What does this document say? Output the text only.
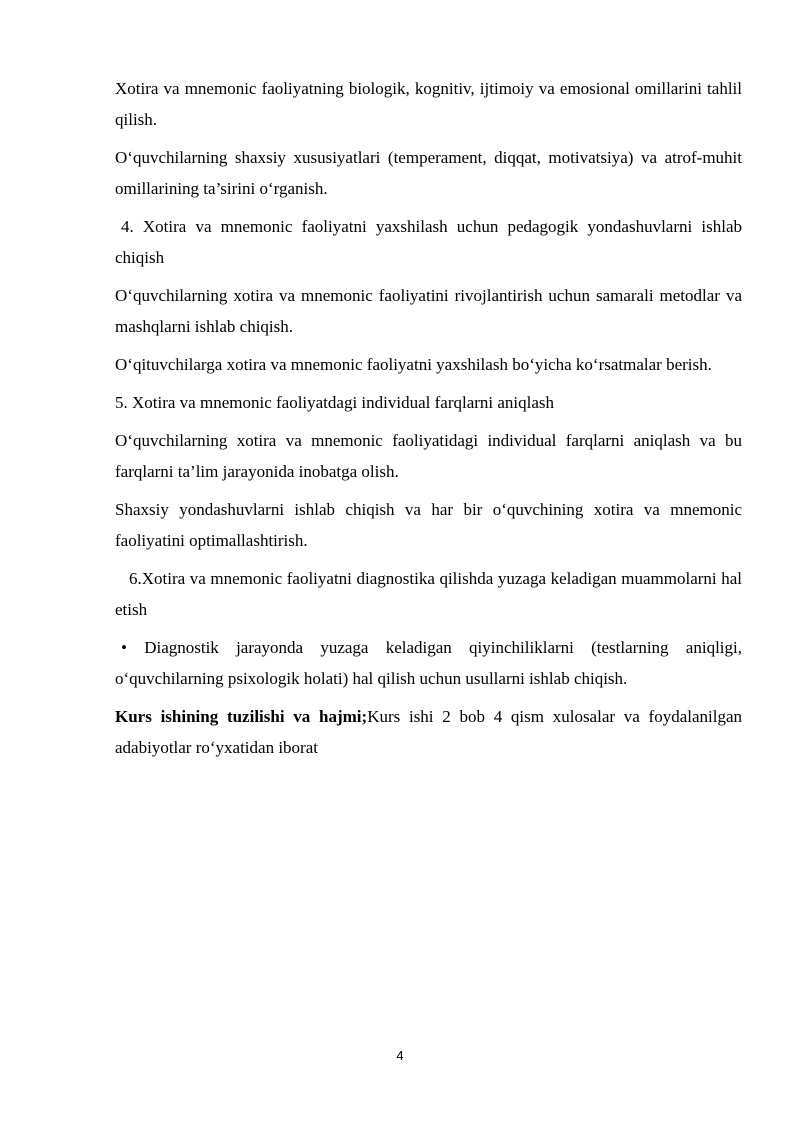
Xotira va mnemonic faoliyatning biologik, kognitiv, ijtimoiy va emosional omillarini tahlil qilish.

O‘quvchilarning shaxsiy xususiyatlari (temperament, diqqat, motivatsiya) va atrof-muhit omillarining ta’sirini o‘rganish.

4. Xotira va mnemonic faoliyatni yaxshilash uchun pedagogik yondashuvlarni ishlab chiqish

O‘quvchilarning xotira va mnemonic faoliyatini rivojlantirish uchun samarali metodlar va mashqlarni ishlab chiqish.

O‘qituvchilarga xotira va mnemonic faoliyatni yaxshilash bo‘yicha ko‘rsatmalar berish.

5. Xotira va mnemonic faoliyatdagi individual farqlarni aniqlash

O‘quvchilarning xotira va mnemonic faoliyatidagi individual farqlarni aniqlash va bu farqlarni ta’lim jarayonida inobatga olish.

Shaxsiy yondashuvlarni ishlab chiqish va har bir o‘quvchining xotira va mnemonic faoliyatini optimallashtirish.

6.Xotira va mnemonic faoliyatni diagnostika qilishda yuzaga keladigan muammolarni hal etish

• Diagnostik jarayonda yuzaga keladigan qiyinchiliklarni (testlarning aniqligi, o‘quvchilarning psixologik holati) hal qilish uchun usullarni ishlab chiqish.

Kurs ishining tuzilishi va hajmi;Kurs ishi 2 bob 4 qism xulosalar va foydalanilgan adabiyotlar ro‘yxatidan iborat

4
